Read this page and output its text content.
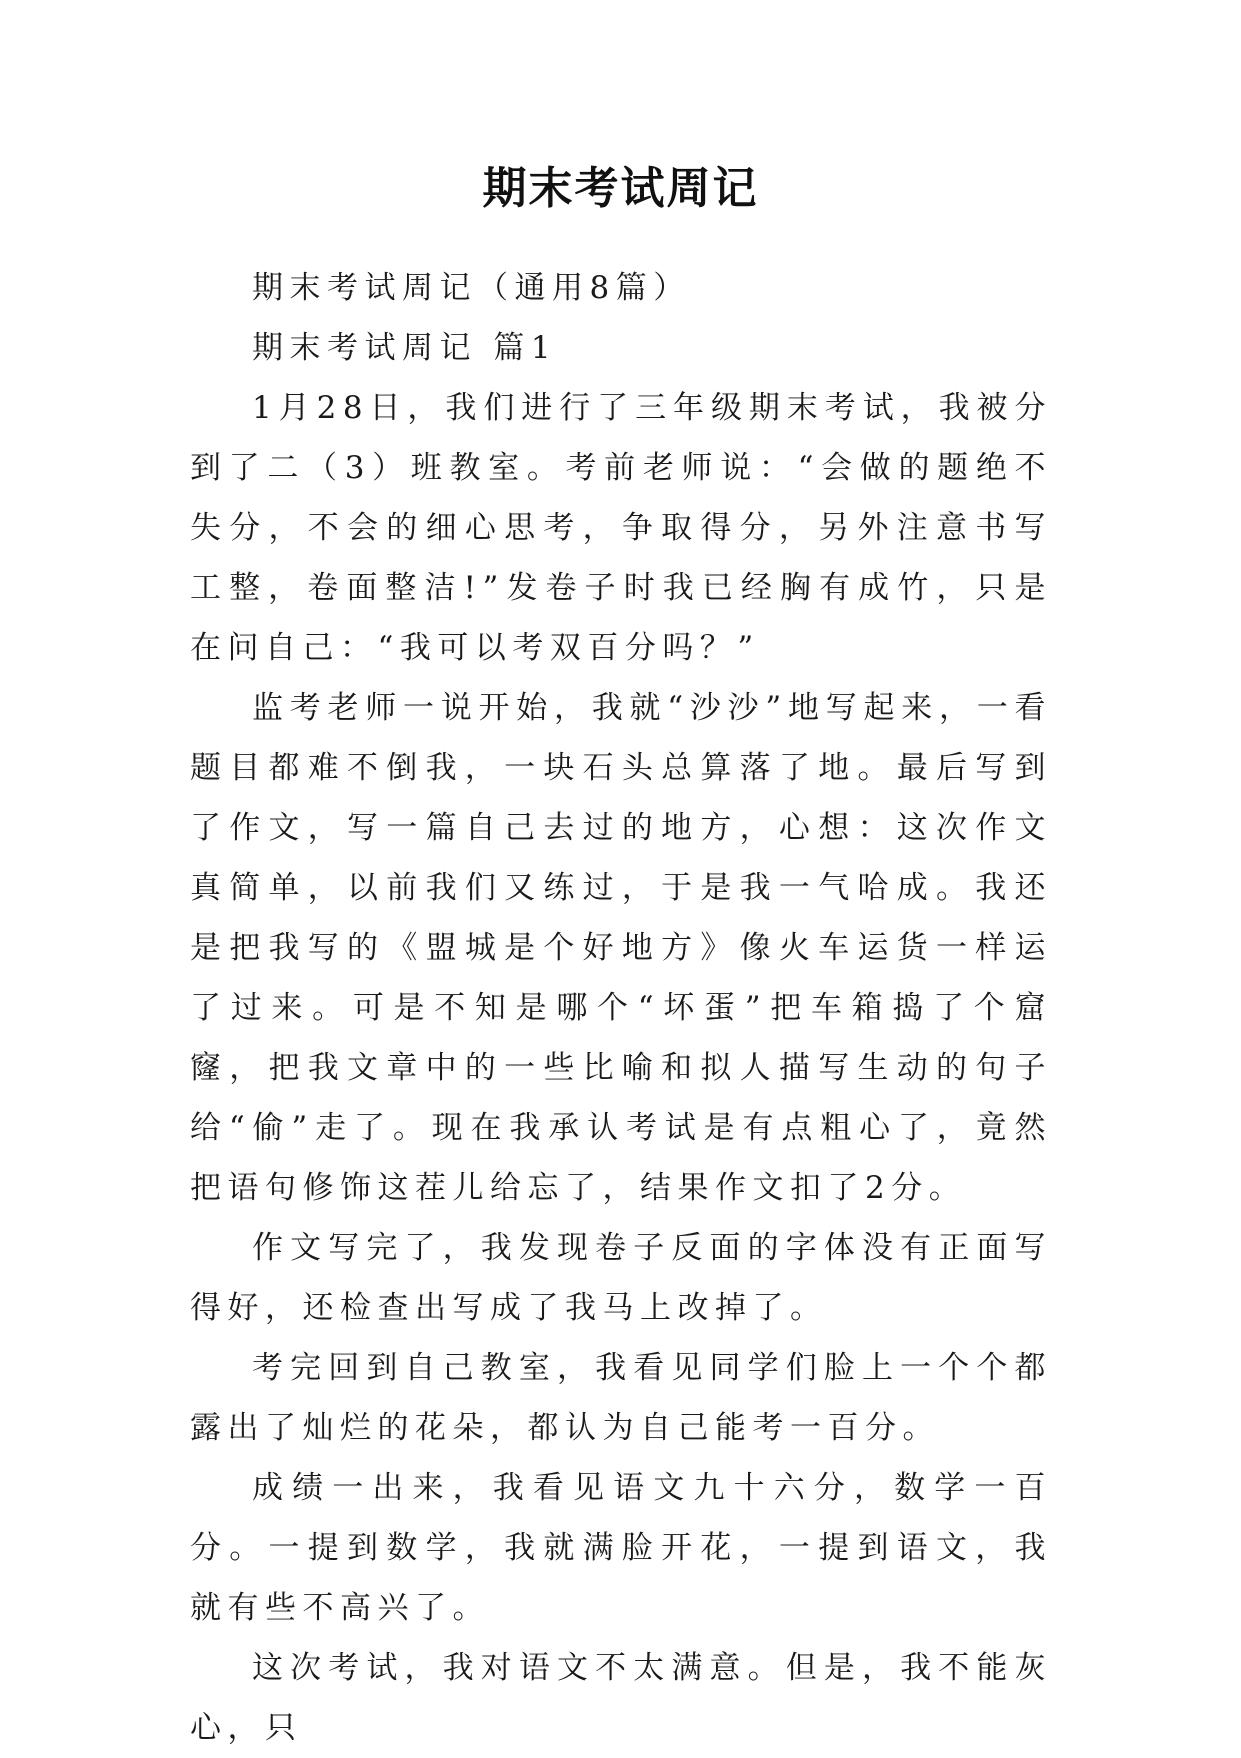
期末考试周记

期末考试周记（通用8篇）

期末考试周记 篇1

1月28日，我们进行了三年级期末考试，我被分到了二（3）班教室。考前老师说：“会做的题绝不失分，不会的细心思考，争取得分，另外注意书写工整，卷面整洁!”发卷子时我已经胸有成竹，只是在问自己：“我可以考双百分吗？”

监考老师一说开始，我就“沙沙”地写起来，一看题目都难不倒我，一块石头总算落了地。最后写到了作文，写一篇自己去过的地方，心想：这次作文真简单，以前我们又练过，于是我一气哈成。我还是把我写的《盟城是个好地方》像火车运货一样运了过来。可是不知是哪个“坏蛋”把车箱捣了个窟窿，把我文章中的一些比喻和拟人描写生动的句子给“偷”走了。现在我承认考试是有点粗心了，竟然把语句修饰这茬儿给忘了，结果作文扣了2分。

作文写完了，我发现卷子反面的字体没有正面写得好，还检查出写成了我马上改掉了。

考完回到自己教室，我看见同学们脸上一个个都露出了灿烂的花朵，都认为自己能考一百分。

成绩一出来，我看见语文九十六分，数学一百分。一提到数学，我就满脸开花，一提到语文，我就有些不高兴了。

这次考试，我对语文不太满意。但是，我不能灰心，只
